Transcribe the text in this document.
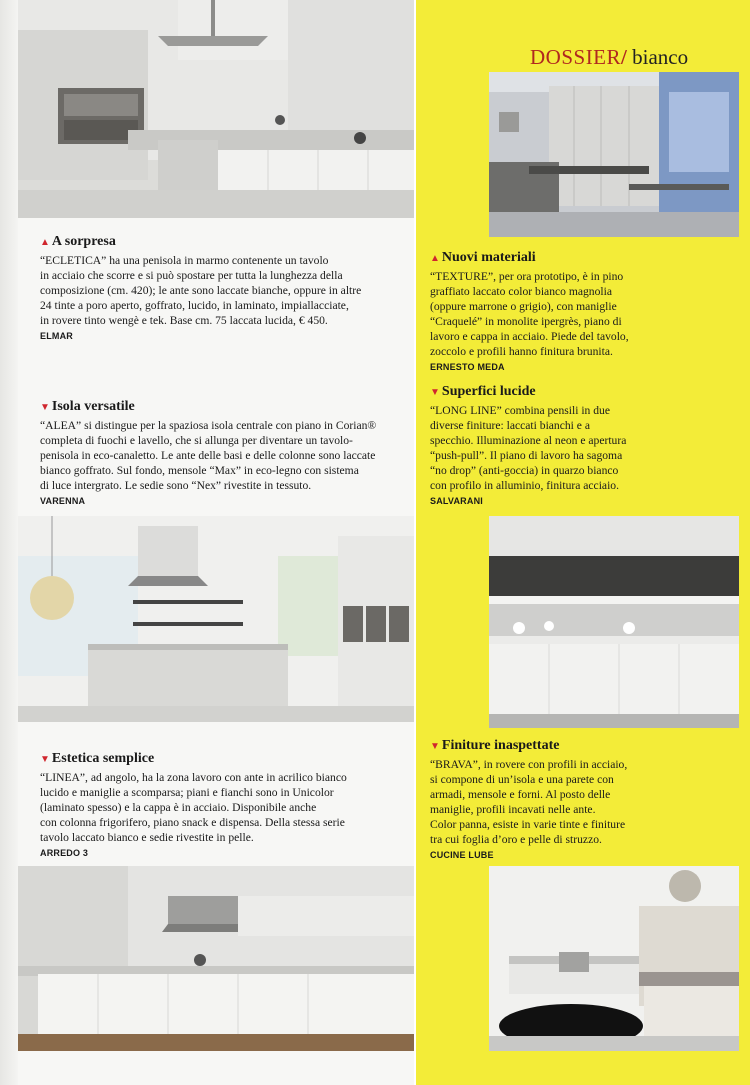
DOSSIER/ bianco
▲ A sorpresa

“ECLETICA” ha una penisola in marmo contenente un tavolo
in acciaio che scorre e si può spostare per tutta la lunghezza della
composizione (cm. 420); le ante sono laccate bianche, oppure in altre
24 tinte a poro aperto, goffrato, lucido, in laminato, impiallacciate,
in rovere tinto wengè e tek. Base cm. 75 laccata lucida, € 450.

ELMAR
▼ Isola versatile

“ALEA” si distingue per la spaziosa isola centrale con piano in Corian®
completa di fuochi e lavello, che si allunga per diventare un tavolo-
penisola in eco-canaletto. Le ante delle basi e delle colonne sono laccate
bianco goffrato. Sul fondo, mensole “Max” in eco-legno con sistema
di luce intergrato. Le sedie sono “Nex” rivestite in tessuto.

VARENNA
▼ Estetica semplice

“LINEA”, ad angolo, ha la zona lavoro con ante in acrilico bianco
lucido e maniglie a scomparsa; piani e fianchi sono in Unicolor
(laminato spesso) e la cappa è in acciaio. Disponibile anche
con colonna frigorifero, piano snack e dispensa. Della stessa serie
tavolo laccato bianco e sedie rivestite in pelle.

ARREDO 3
▲ Nuovi materiali

“TEXTURE”, per ora prototipo, è in pino
graffiato laccato color bianco magnolia
(oppure marrone o grigio), con maniglie
“Craquelé” in monolite ipergrès, piano di
lavoro e cappa in acciaio. Piede del tavolo,
zoccolo e profili hanno finitura brunita.

ERNESTO MEDA
▼ Superfici lucide

“LONG LINE” combina pensili in due
diverse finiture: laccati bianchi e a
specchio. Illuminazione al neon e apertura
“push-pull”. Il piano di lavoro ha sagoma
“no drop” (anti-goccia) in quarzo bianco
con profilo in alluminio, finitura acciaio.

SALVARANI
▼ Finiture inaspettate

“BRAVA”, in rovere con profili in acciaio,
si compone di un’isola e una parete con
armadi, mensole e forni. Al posto delle
maniglie, profili incavati nelle ante.
Color panna, esiste in varie tinte e finiture
tra cui foglia d’oro e pelle di struzzo.

CUCINE LUBE
